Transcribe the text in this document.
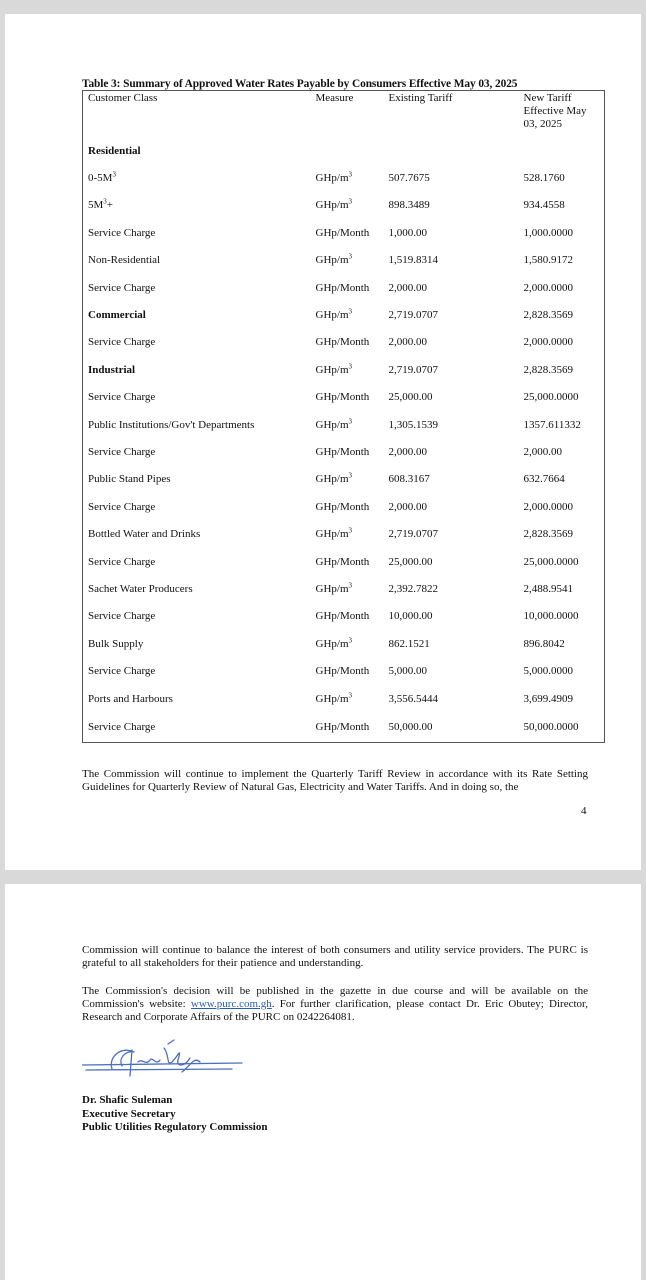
Table 3: Summary of Approved Water Rates Payable by Consumers Effective May 03, 2025
Customer Class	Measure	Existing Tariff	New Tariff
Effective May
03, 2025
Residential			
$0-5M^3$	GHp/$m^3$	507.7675	528.1760
$5M^3+$	GHp/$m^3$	898.3489	934.4558
Service Charge	GHp/Month	1,000.00	1,000.0000
Non-Residential	GHp/$m^3$	1,519.8314	1,580.9172
Service Charge	GHp/Month	2,000.00	2,000.0000
Commercial	GHp/$m^3$	2,719.0707	2,828.3569
Service Charge	GHp/Month	2,000.00	2,000.0000
Industrial	GHp/$m^3$	2,719.0707	2,828.3569
Service Charge	GHp/Month	25,000.00	25,000.0000
Public Institutions/Gov't Departments	GHp/$m^3$	1,305.1539	1357.611332
Service Charge	GHp/Month	2,000.00	2,000.00
Public Stand Pipes	GHp/$m^3$	608.3167	632.7664
Service Charge	GHp/Month	2,000.00	2,000.0000
Bottled Water and Drinks	GHp/$m^3$	2,719.0707	2,828.3569
Service Charge	GHp/Month	25,000.00	25,000.0000
Sachet Water Producers	GHp/$m^3$	2,392.7822	2,488.9541
Service Charge	GHp/Month	10,000.00	10,000.0000
Bulk Supply	GHp/$m^3$	862.1521	896.8042
Service Charge	GHp/Month	5,000.00	5,000.0000
Ports and Harbours	GHp/$m^3$	3,556.5444	3,699.4909
Service Charge	GHp/Month	50,000.00	50,000.0000
The Commission will continue to implement the Quarterly Tariff Review in accordance with its Rate Setting Guidelines for Quarterly Review of Natural Gas, Electricity and Water Tariffs. And in doing so, the
4
Commission will continue to balance the interest of both consumers and utility service providers. The PURC is grateful to all stakeholders for their patience and understanding.
The Commission's decision will be published in the gazette in due course and will be available on the Commission's website: www.purc.com.gh. For further clarification, please contact Dr. Eric Obutey; Director, Research and Corporate Affairs of the PURC on 0242264081.
Dr. Shafic Suleman
Executive Secretary
Public Utilities Regulatory Commission
